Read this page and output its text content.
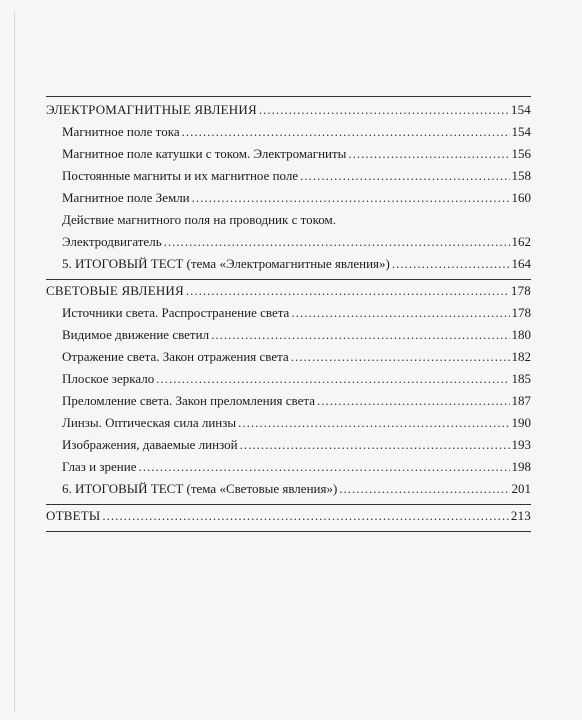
ЭЛЕКТРОМАГНИТНЫЕ ЯВЛЕНИЯ .....	154
Магнитное поле тока .....	154
Магнитное поле катушки с током. Электромагниты .....	156
Постоянные магниты и их магнитное поле .....	158
Магнитное поле Земли .....	160
Действие магнитного поля на проводник с током.
Электродвигатель .....	162
5. ИТОГОВЫЙ ТЕСТ (тема «Электромагнитные явления») .....	164
СВЕТОВЫЕ ЯВЛЕНИЯ .....	178
Источники света. Распространение света .....	178
Видимое движение светил .....	180
Отражение света. Закон отражения света .....	182
Плоское зеркало .....	185
Преломление света. Закон преломления света .....	187
Линзы. Оптическая сила линзы .....	190
Изображения, даваемые линзой .....	193
Глаз и зрение .....	198
6. ИТОГОВЫЙ ТЕСТ (тема «Световые явления») .....	201
ОТВЕТЫ .....	213
